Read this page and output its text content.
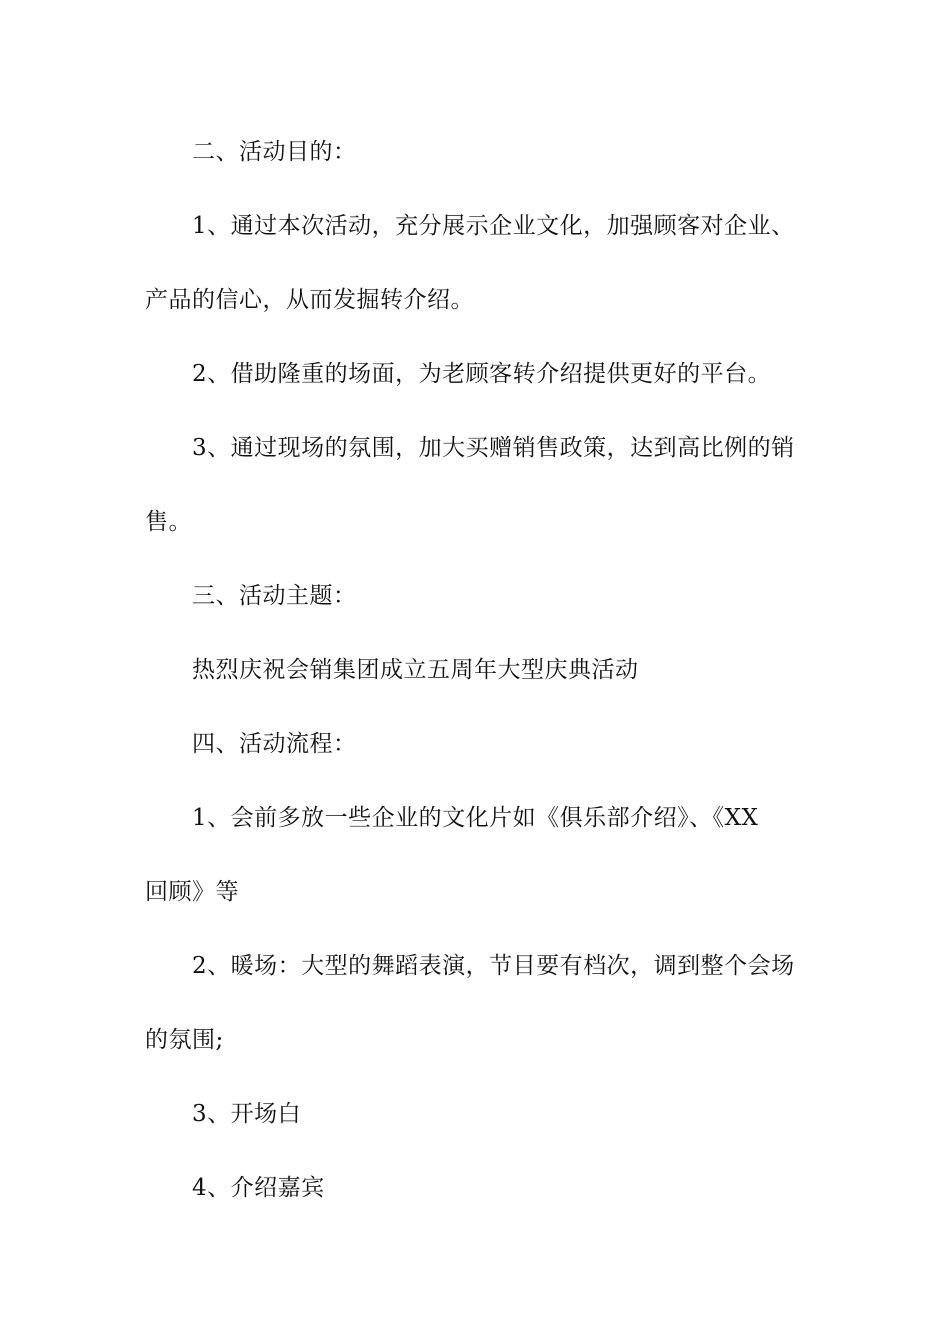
二、活动目的：
1、通过本次活动，充分展示企业文化，加强顾客对企业、
产品的信心，从而发掘转介绍。
2、借助隆重的场面，为老顾客转介绍提供更好的平台。
3、通过现场的氛围，加大买赠销售政策，达到高比例的销
售。
三、活动主题：
热烈庆祝会销集团成立五周年大型庆典活动
四、活动流程：
1、会前多放一些企业的文化片如《俱乐部介绍》、《XX
回顾》等
2、暖场：大型的舞蹈表演，节目要有档次，调到整个会场
的氛围;
3、开场白
4、介绍嘉宾
